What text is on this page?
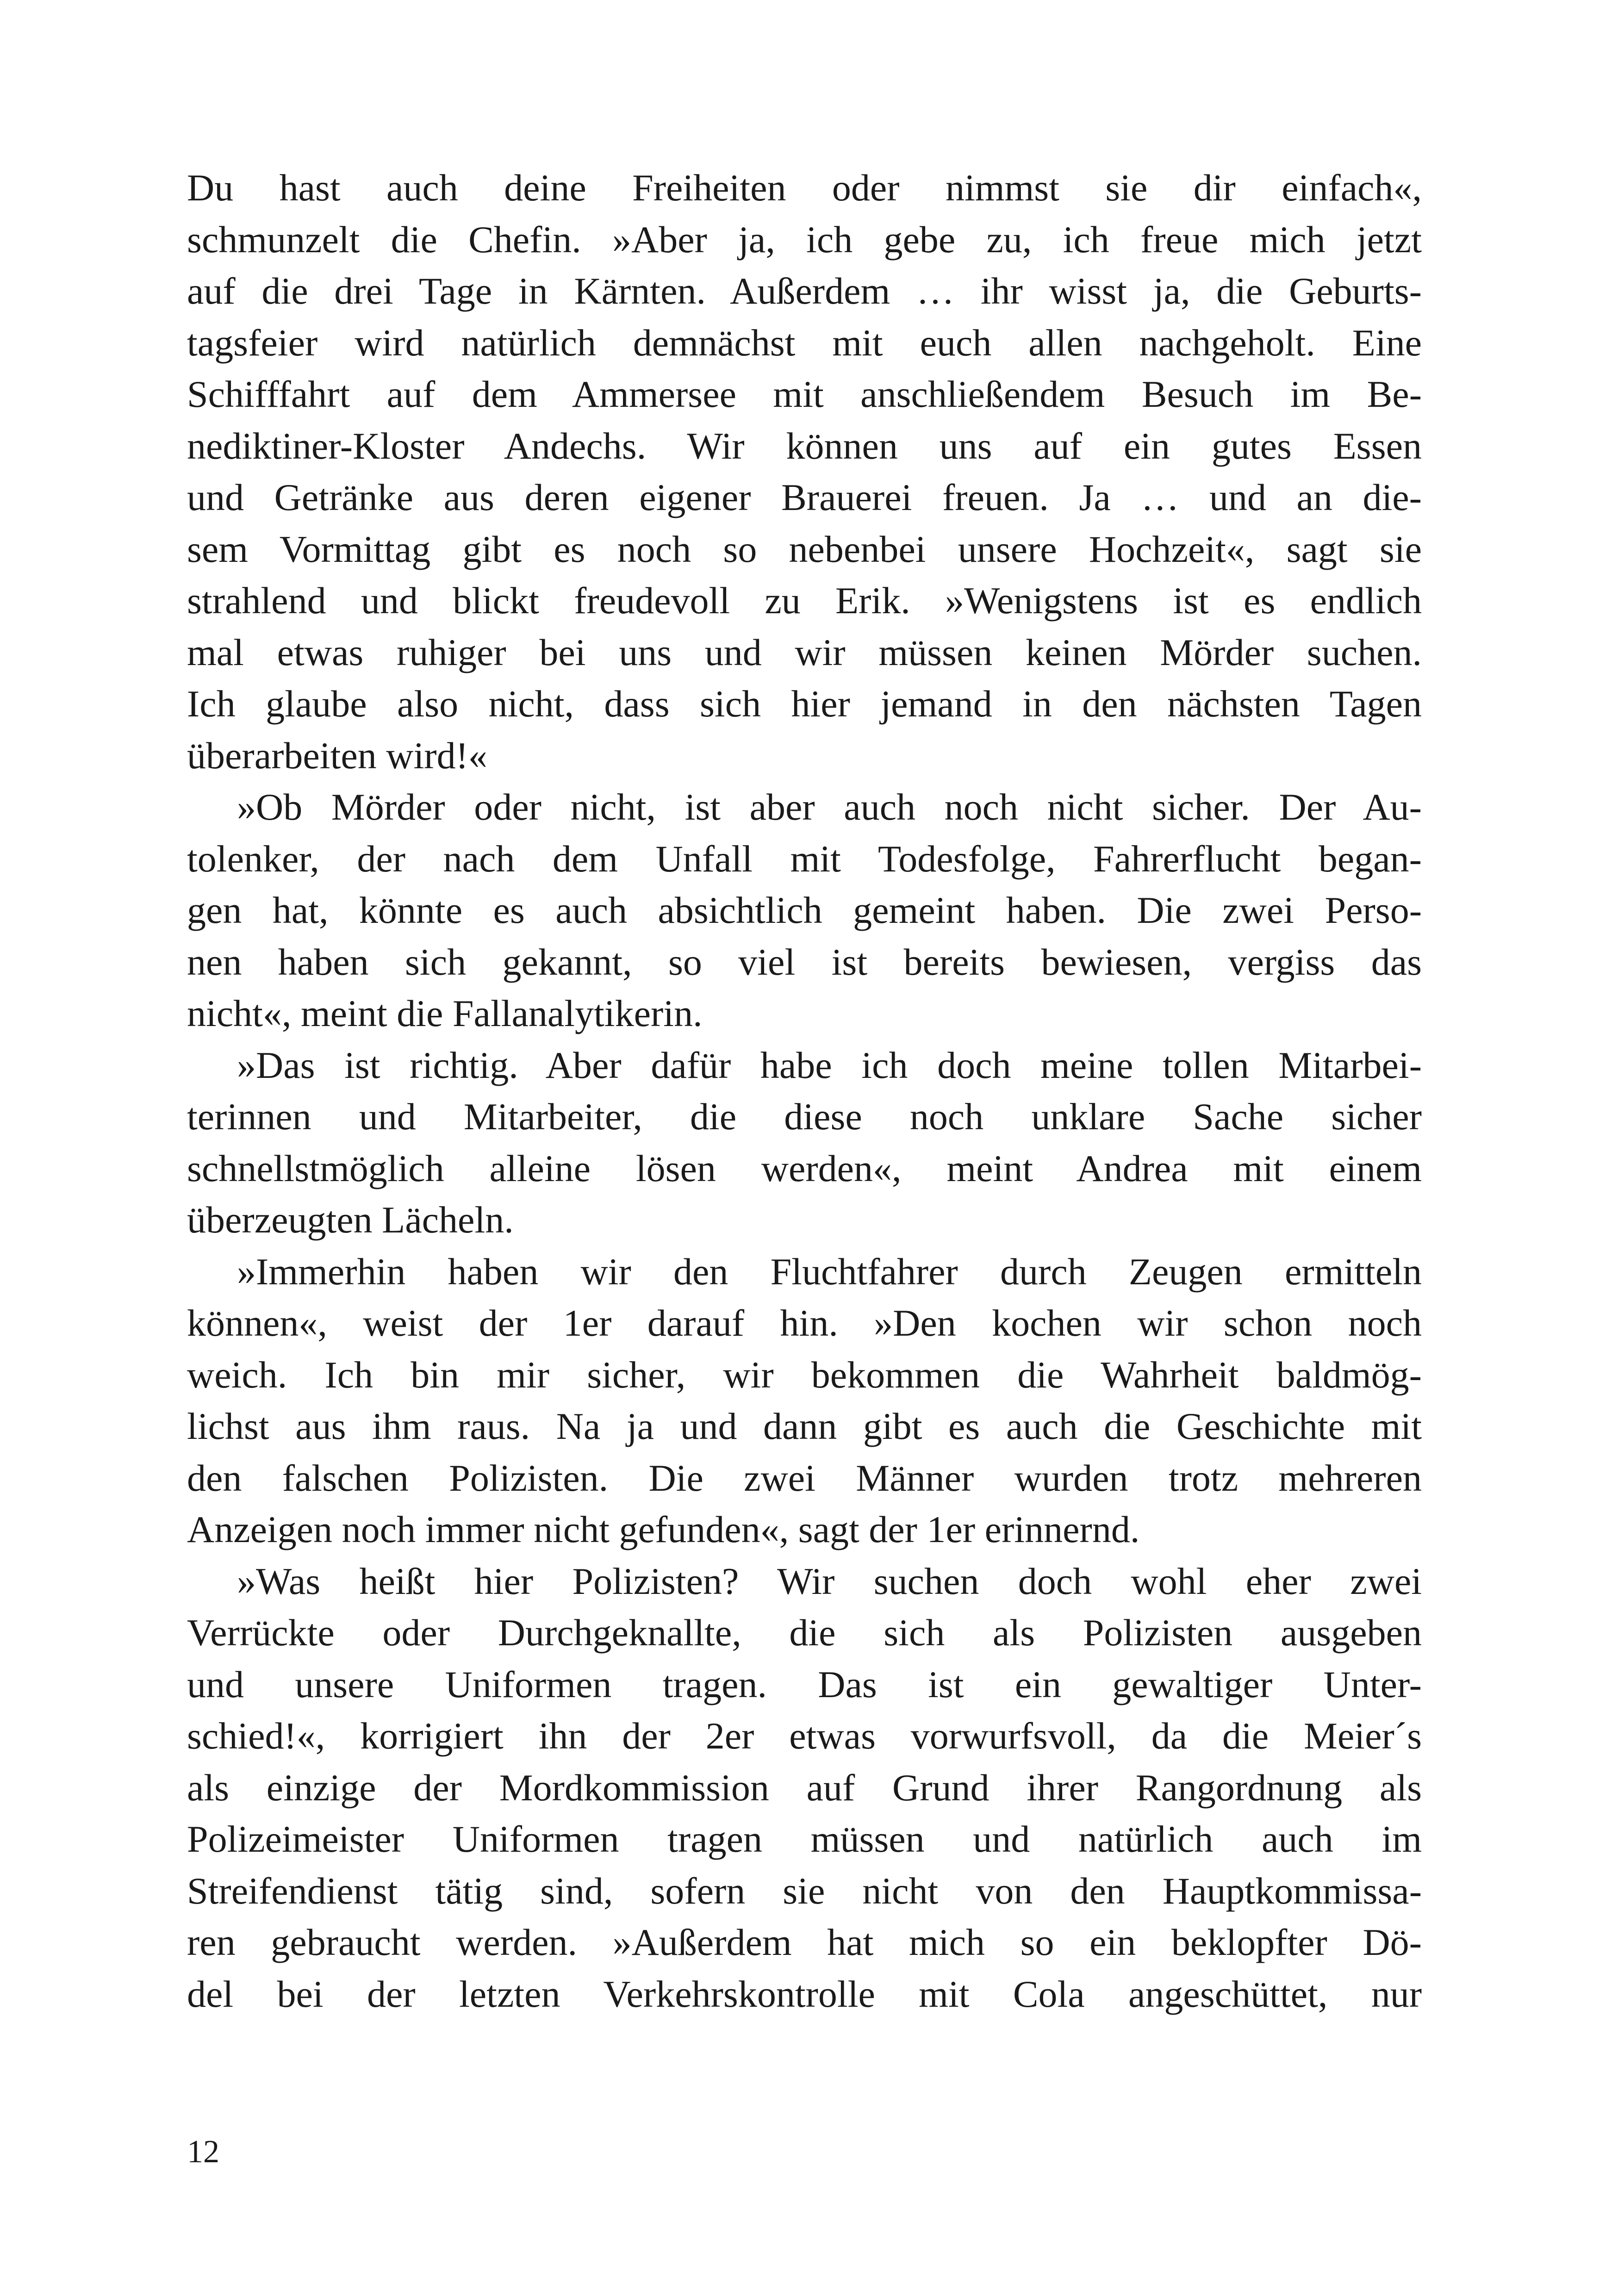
Du hast auch deine Freiheiten oder nimmst sie dir einfach«,
schmunzelt die Chefin. »Aber ja, ich gebe zu, ich freue mich jetzt
auf die drei Tage in Kärnten. Außerdem … ihr wisst ja, die Geburts-
tagsfeier wird natürlich demnächst mit euch allen nachgeholt. Eine
Schifffahrt auf dem Ammersee mit anschließendem Besuch im Be-
nediktiner-Kloster Andechs. Wir können uns auf ein gutes Essen
und Getränke aus deren eigener Brauerei freuen. Ja … und an die-
sem Vormittag gibt es noch so nebenbei unsere Hochzeit«, sagt sie
strahlend und blickt freudevoll zu Erik. »Wenigstens ist es endlich
mal etwas ruhiger bei uns und wir müssen keinen Mörder suchen.
Ich glaube also nicht, dass sich hier jemand in den nächsten Tagen
überarbeiten wird!«

»Ob Mörder oder nicht, ist aber auch noch nicht sicher. Der Au-
tolenker, der nach dem Unfall mit Todesfolge, Fahrerflucht began-
gen hat, könnte es auch absichtlich gemeint haben. Die zwei Perso-
nen haben sich gekannt, so viel ist bereits bewiesen, vergiss das
nicht«, meint die Fallanalytikerin.

»Das ist richtig. Aber dafür habe ich doch meine tollen Mitarbei-
terinnen und Mitarbeiter, die diese noch unklare Sache sicher
schnellstmöglich alleine lösen werden«, meint Andrea mit einem
überzeugten Lächeln.

»Immerhin haben wir den Fluchtfahrer durch Zeugen ermitteln
können«, weist der 1er darauf hin. »Den kochen wir schon noch
weich. Ich bin mir sicher, wir bekommen die Wahrheit baldmög-
lichst aus ihm raus. Na ja und dann gibt es auch die Geschichte mit
den falschen Polizisten. Die zwei Männer wurden trotz mehreren
Anzeigen noch immer nicht gefunden«, sagt der 1er erinnernd.

»Was heißt hier Polizisten? Wir suchen doch wohl eher zwei
Verrückte oder Durchgeknallte, die sich als Polizisten ausgeben
und unsere Uniformen tragen. Das ist ein gewaltiger Unter-
schied!«, korrigiert ihn der 2er etwas vorwurfsvoll, da die Meier´s
als einzige der Mordkommission auf Grund ihrer Rangordnung als
Polizeimeister Uniformen tragen müssen und natürlich auch im
Streifendienst tätig sind, sofern sie nicht von den Hauptkommissa-
ren gebraucht werden. »Außerdem hat mich so ein beklopfter Dö-
del bei der letzten Verkehrskontrolle mit Cola angeschüttet, nur

12
